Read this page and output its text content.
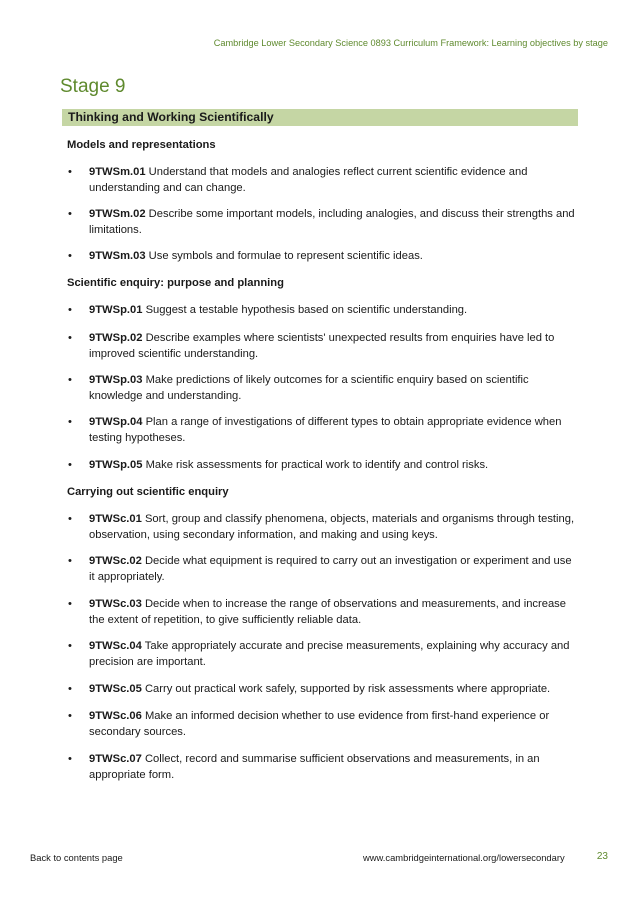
Cambridge Lower Secondary Science 0893 Curriculum Framework: Learning objectives by stage
Stage 9
Thinking and Working Scientifically
Models and representations
•	9TWSm.01 Understand that models and analogies reflect current scientific evidence and understanding and can change.
•	9TWSm.02 Describe some important models, including analogies, and discuss their strengths and limitations.
•	9TWSm.03 Use symbols and formulae to represent scientific ideas.
Scientific enquiry: purpose and planning
•	9TWSp.01 Suggest a testable hypothesis based on scientific understanding.
•	9TWSp.02 Describe examples where scientists' unexpected results from enquiries have led to improved scientific understanding.
•	9TWSp.03 Make predictions of likely outcomes for a scientific enquiry based on scientific knowledge and understanding.
•	9TWSp.04 Plan a range of investigations of different types to obtain appropriate evidence when testing hypotheses.
•	9TWSp.05 Make risk assessments for practical work to identify and control risks.
Carrying out scientific enquiry
•	9TWSc.01 Sort, group and classify phenomena, objects, materials and organisms through testing, observation, using secondary information, and making and using keys.
•	9TWSc.02 Decide what equipment is required to carry out an investigation or experiment and use it appropriately.
•	9TWSc.03 Decide when to increase the range of observations and measurements, and increase the extent of repetition, to give sufficiently reliable data.
•	9TWSc.04 Take appropriately accurate and precise measurements, explaining why accuracy and precision are important.
•	9TWSc.05 Carry out practical work safely, supported by risk assessments where appropriate.
•	9TWSc.06 Make an informed decision whether to use evidence from first-hand experience or secondary sources.
•	9TWSc.07 Collect, record and summarise sufficient observations and measurements, in an appropriate form.
Back to contents page	www.cambridgeinternational.org/lowersecondary	23
